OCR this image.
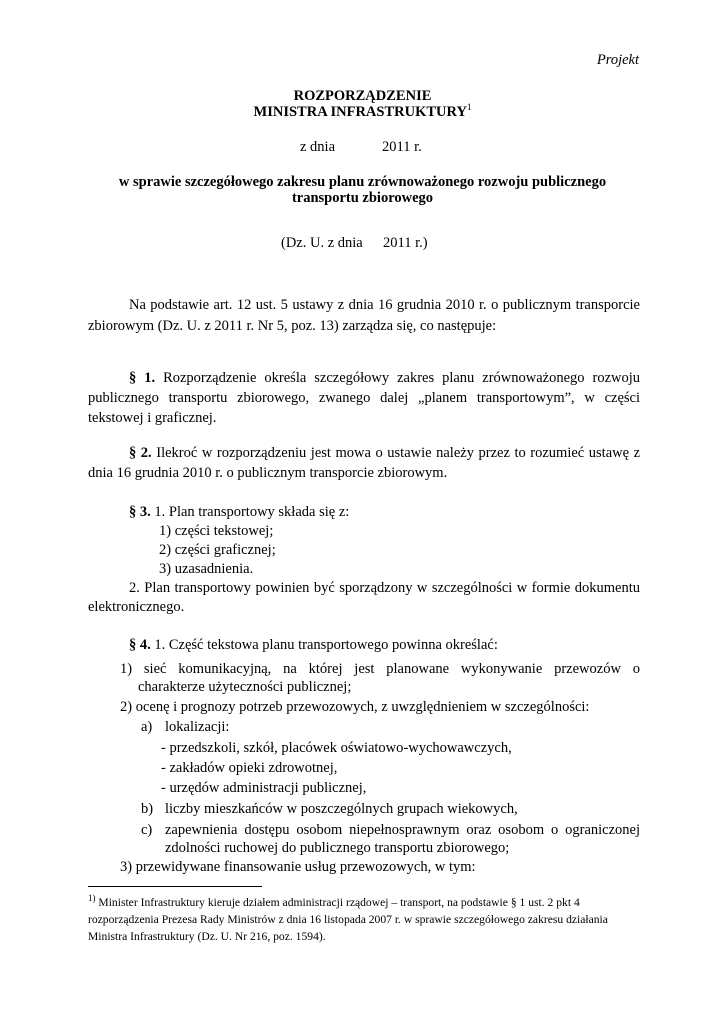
Projekt
ROZPORZĄDZENIE
MINISTRA INFRASTRUKTURY$^1$
z dnia	2011 r.
w sprawie szczegółowego zakresu planu zrównoważonego rozwoju publicznego
transportu zbiorowego
(Dz. U. z dnia 2011 r.)
Na podstawie art. 12 ust. 5 ustawy z dnia 16 grudnia 2010 r. o publicznym transporcie
zbiorowym (Dz. U. z 2011 r. Nr 5, poz. 13) zarządza się, co następuje:
§ 1. Rozporządzenie określa szczegółowy zakres planu zrównoważonego rozwoju
publicznego transportu zbiorowego, zwanego dalej „planem transportowym”, w części
tekstowej i graficznej.
§ 2. Ilekroć w rozporządzeniu jest mowa o ustawie należy przez to rozumieć ustawę z
dnia 16 grudnia 2010 r. o publicznym transporcie zbiorowym.
§ 3. 1. Plan transportowy składa się z:
1) części tekstowej;
2) części graficznej;
3) uzasadnienia.
2. Plan transportowy powinien być sporządzony w szczególności w formie dokumentu
elektronicznego.
§ 4. 1. Część tekstowa planu transportowego powinna określać:
1) sieć komunikacyjną, na której jest planowane wykonywanie przewozów o
charakterze użyteczności publicznej;
2) ocenę i prognozy potrzeb przewozowych, z uwzględnieniem w szczególności:
a) lokalizacji:
- przedszkoli, szkół, placówek oświatowo-wychowawczych,
- zakładów opieki zdrowotnej,
- urzędów administracji publicznej,
b) liczby mieszkańców w poszczególnych grupach wiekowych,
c) zapewnienia dostępu osobom niepełnosprawnym oraz osobom o ograniczonej
zdolności ruchowej do publicznego transportu zbiorowego;
3) przewidywane finansowanie usług przewozowych, w tym:
$^{1)}$ Minister Infrastruktury kieruje działem administracji rządowej – transport, na podstawie § 1 ust. 2 pkt 4
rozporządzenia Prezesa Rady Ministrów z dnia 16 listopada 2007 r. w sprawie szczegółowego zakresu działania
Ministra Infrastruktury (Dz. U. Nr 216, poz. 1594).
